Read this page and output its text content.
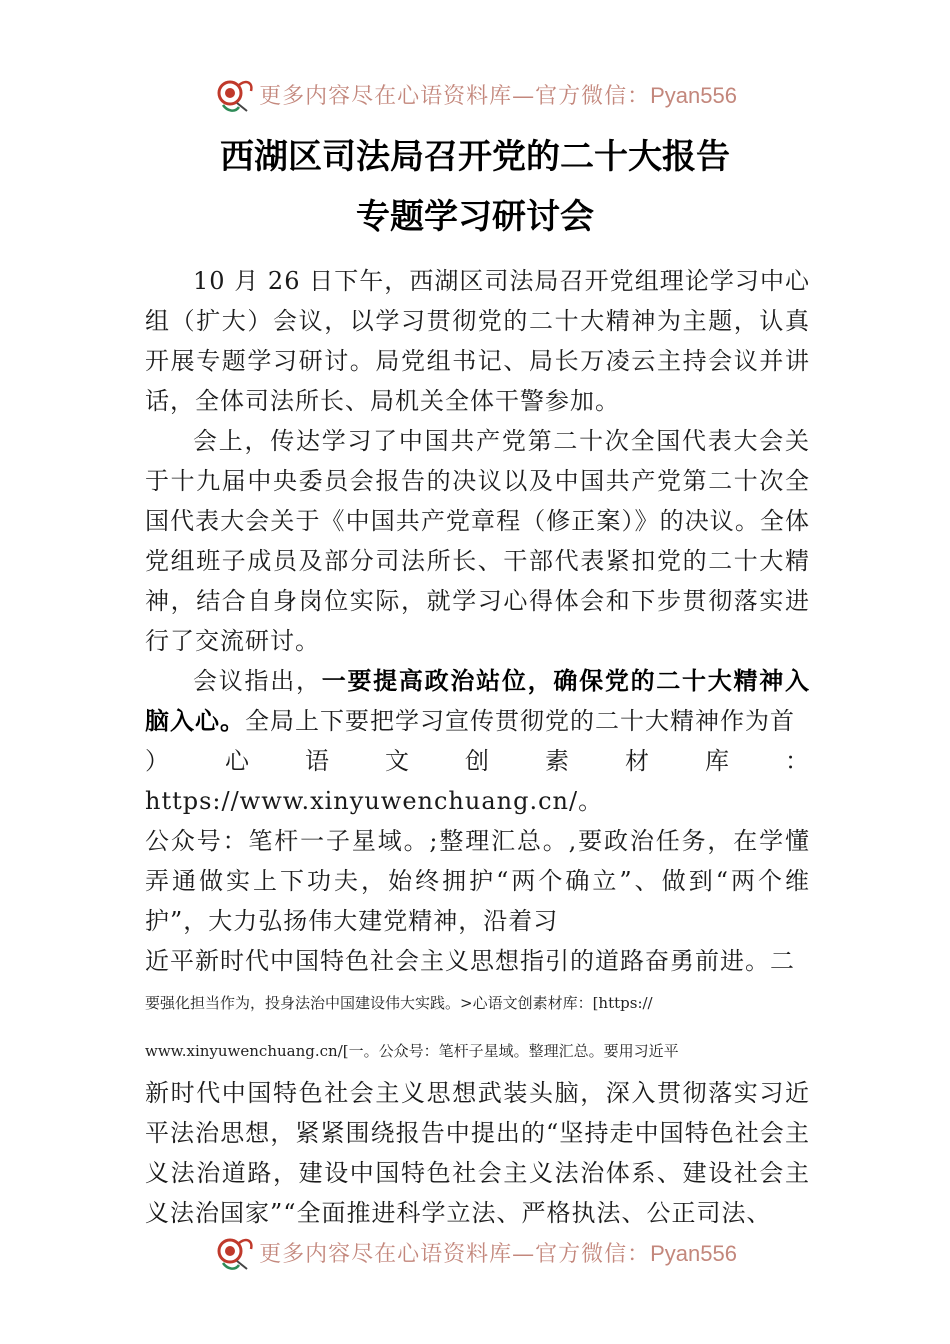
更多内容尽在心语资料库—官方微信：Pyan556
西湖区司法局召开党的二十大报告
专题学习研讨会

10 月 26 日下午，西湖区司法局召开党组理论学习中心组（扩大）会议，以学习贯彻党的二十大精神为主题，认真开展专题学习研讨。局党组书记、局长万凌云主持会议并讲话，全体司法所长、局机关全体干警参加。

会上，传达学习了中国共产党第二十次全国代表大会关于十九届中央委员会报告的决议以及中国共产党第二十次全国代表大会关于《中国共产党章程（修正案）》的决议。全体党组班子成员及部分司法所长、干部代表紧扣党的二十大精神，结合自身岗位实际，就学习心得体会和下步贯彻落实进行了交流研讨。

会议指出，一要提高政治站位，确保党的二十大精神入脑入心。全局上下要把学习宣传贯彻党的二十大精神作为首

）心语文创素材库：https://www.xinyuwenchuang.cn/。

公众号：笔杆一子星域。;整理汇总。,要政治任务，在学懂弄通做实上下功夫，始终拥护“两个确立”、做到“两个维护”，大力弘扬伟大建党精神，沿着习

近平新时代中国特色社会主义思想指引的道路奋勇前进。二

要强化担当作为，投身法治中国建设伟大实践。>心语文创素材库：[https://

www.xinyuwenchuang.cn/[一。公众号：笔杆子星域。整理汇总。要用习近平

新时代中国特色社会主义思想武装头脑，深入贯彻落实习近平法治思想，紧紧围绕报告中提出的“坚持走中国特色社会主义法治道路，建设中国特色社会主义法治体系、建设社会主义法治国家”“全面推进科学立法、严格执法、公正司法、

更多内容尽在心语资料库—官方微信：Pyan556
